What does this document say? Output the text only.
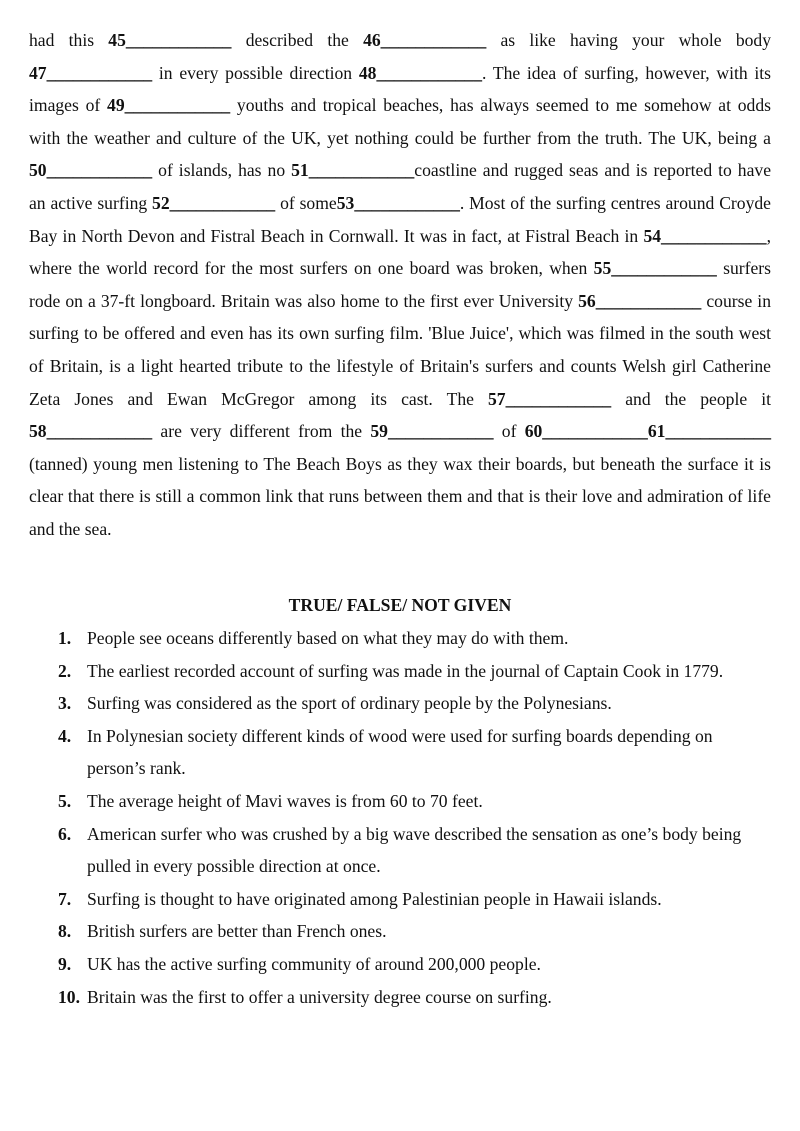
had this 45____________ described the 46____________ as like having your whole body 47____________ in every possible direction 48____________. The idea of surfing, however, with its images of 49____________ youths and tropical beaches, has always seemed to me somehow at odds with the weather and culture of the UK, yet nothing could be further from the truth. The UK, being a 50____________ of islands, has no 51____________coastline and rugged seas and is reported to have an active surfing 52____________ of some53____________. Most of the surfing centres around Croyde Bay in North Devon and Fistral Beach in Cornwall. It was in fact, at Fistral Beach in 54____________, where the world record for the most surfers on one board was broken, when 55____________ surfers rode on a 37-ft longboard. Britain was also home to the first ever University 56____________ course in surfing to be offered and even has its own surfing film. 'Blue Juice', which was filmed in the south west of Britain, is a light hearted tribute to the lifestyle of Britain's surfers and counts Welsh girl Catherine Zeta Jones and Ewan McGregor among its cast. The 57____________ and the people it 58____________ are very different from the 59____________ of 60____________61____________ (tanned) young men listening to The Beach Boys as they wax their boards, but beneath the surface it is clear that there is still a common link that runs between them and that is their love and admiration of life and the sea.

TRUE/ FALSE/ NOT GIVEN
1. People see oceans differently based on what they may do with them.
2. The earliest recorded account of surfing was made in the journal of Captain Cook in 1779.
3. Surfing was considered as the sport of ordinary people by the Polynesians.
4. In Polynesian society different kinds of wood were used for surfing boards depending on person’s rank.
5. The average height of Mavi waves is from 60 to 70 feet.
6. American surfer who was crushed by a big wave described the sensation as one’s body being pulled in every possible direction at once.
7. Surfing is thought to have originated among Palestinian people in Hawaii islands.
8. British surfers are better than French ones.
9. UK has the active surfing community of around 200,000 people.
10. Britain was the first to offer a university degree course on surfing.
